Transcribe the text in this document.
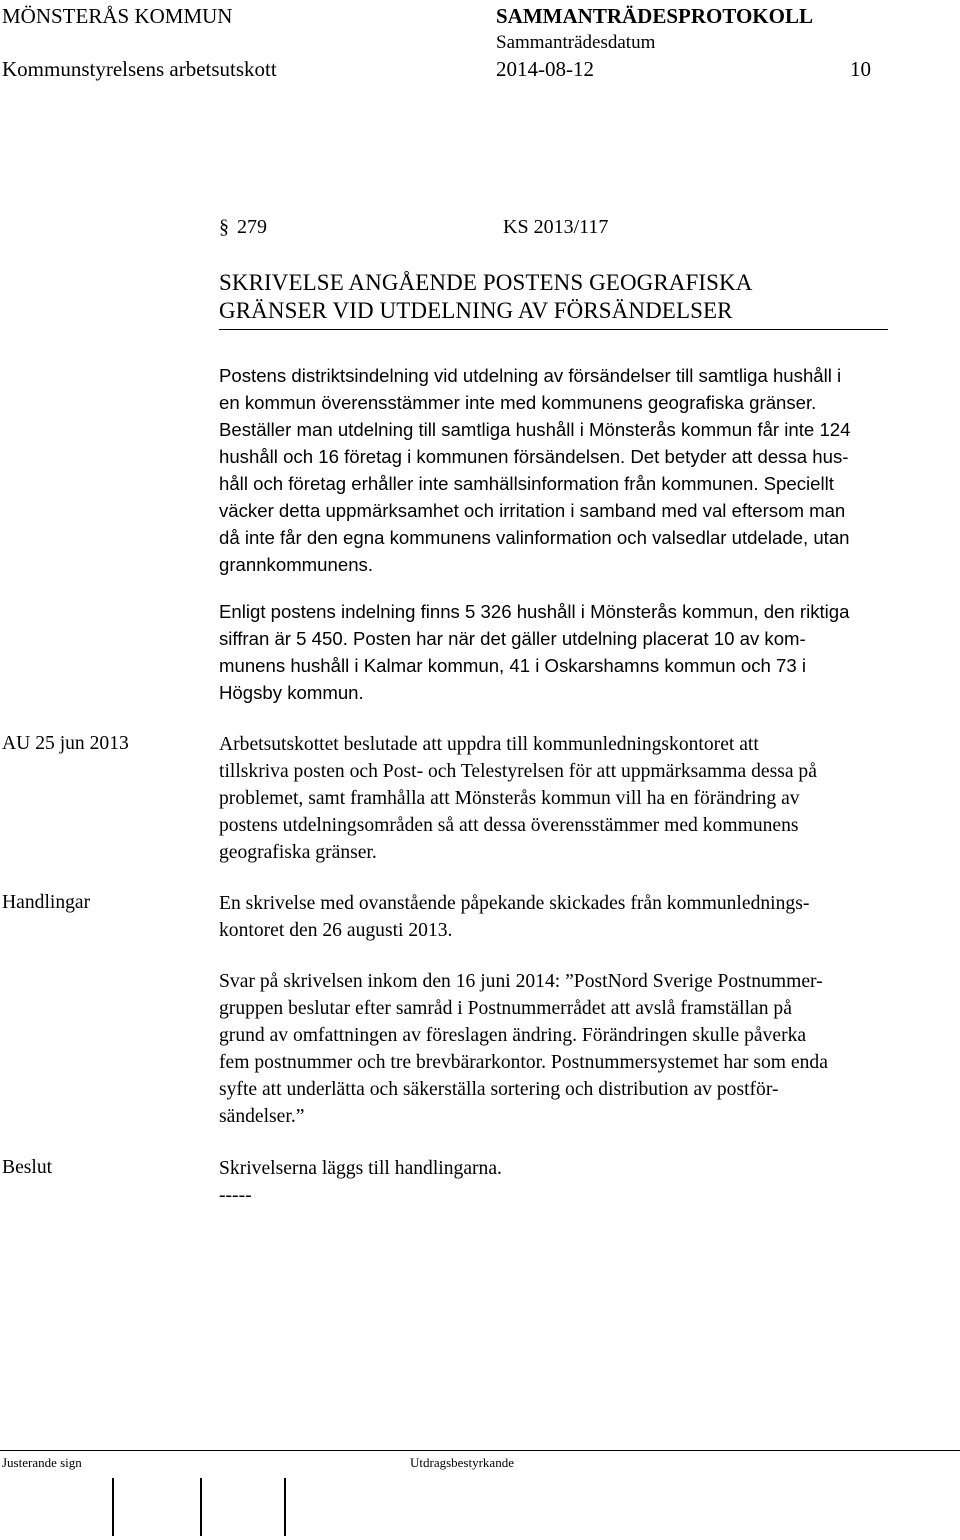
MÖNSTERÅS KOMMUN	SAMMANTRÄDESPROTOKOLL
Sammanträdesdatum
Kommunstyrelsens arbetsutskott	2014-08-12	10
§ 279	KS 2013/117
SKRIVELSE ANGÅENDE POSTENS GEOGRAFISKA
GRÄNSER VID UTDELNING AV FÖRSÄNDELSER
Postens distriktsindelning vid utdelning av försändelser till samtliga hushåll i
en kommun överensstämmer inte med kommunens geografiska gränser.
Beställer man utdelning till samtliga hushåll i Mönsterås kommun får inte 124
hushåll och 16 företag i kommunen försändelsen. Det betyder att dessa hus-
håll och företag erhåller inte samhällsinformation från kommunen. Speciellt
väcker detta uppmärksamhet och irritation i samband med val eftersom man
då inte får den egna kommunens valinformation och valsedlar utdelade, utan
grannkommunens.
Enligt postens indelning finns 5 326 hushåll i Mönsterås kommun, den riktiga
siffran är 5 450. Posten har när det gäller utdelning placerat 10 av kom-
munens hushåll i Kalmar kommun, 41 i Oskarshamns kommun och 73 i
Högsby kommun.
AU 25 jun 2013	Arbetsutskottet beslutade att uppdra till kommunledningskontoret att
tillskriva posten och Post- och Telestyrelsen för att uppmärksamma dessa på
problemet, samt framhålla att Mönsterås kommun vill ha en förändring av
postens utdelningsområden så att dessa överensstämmer med kommunens
geografiska gränser.
Handlingar	En skrivelse med ovanstående påpekande skickades från kommunlednings-
kontoret den 26 augusti 2013.
Svar på skrivelsen inkom den 16 juni 2014: ”PostNord Sverige Postnummer-
gruppen beslutar efter samråd i Postnummerrådet att avslå framställan på
grund av omfattningen av föreslagen ändring. Förändringen skulle påverka
fem postnummer och tre brevbärarkontor. Postnummersystemet har som enda
syfte att underlätta och säkerställa sortering och distribution av postför-
sändelser.”
Beslut	Skrivelserna läggs till handlingarna.
-----
Justerande sign	Utdragsbestyrkande
